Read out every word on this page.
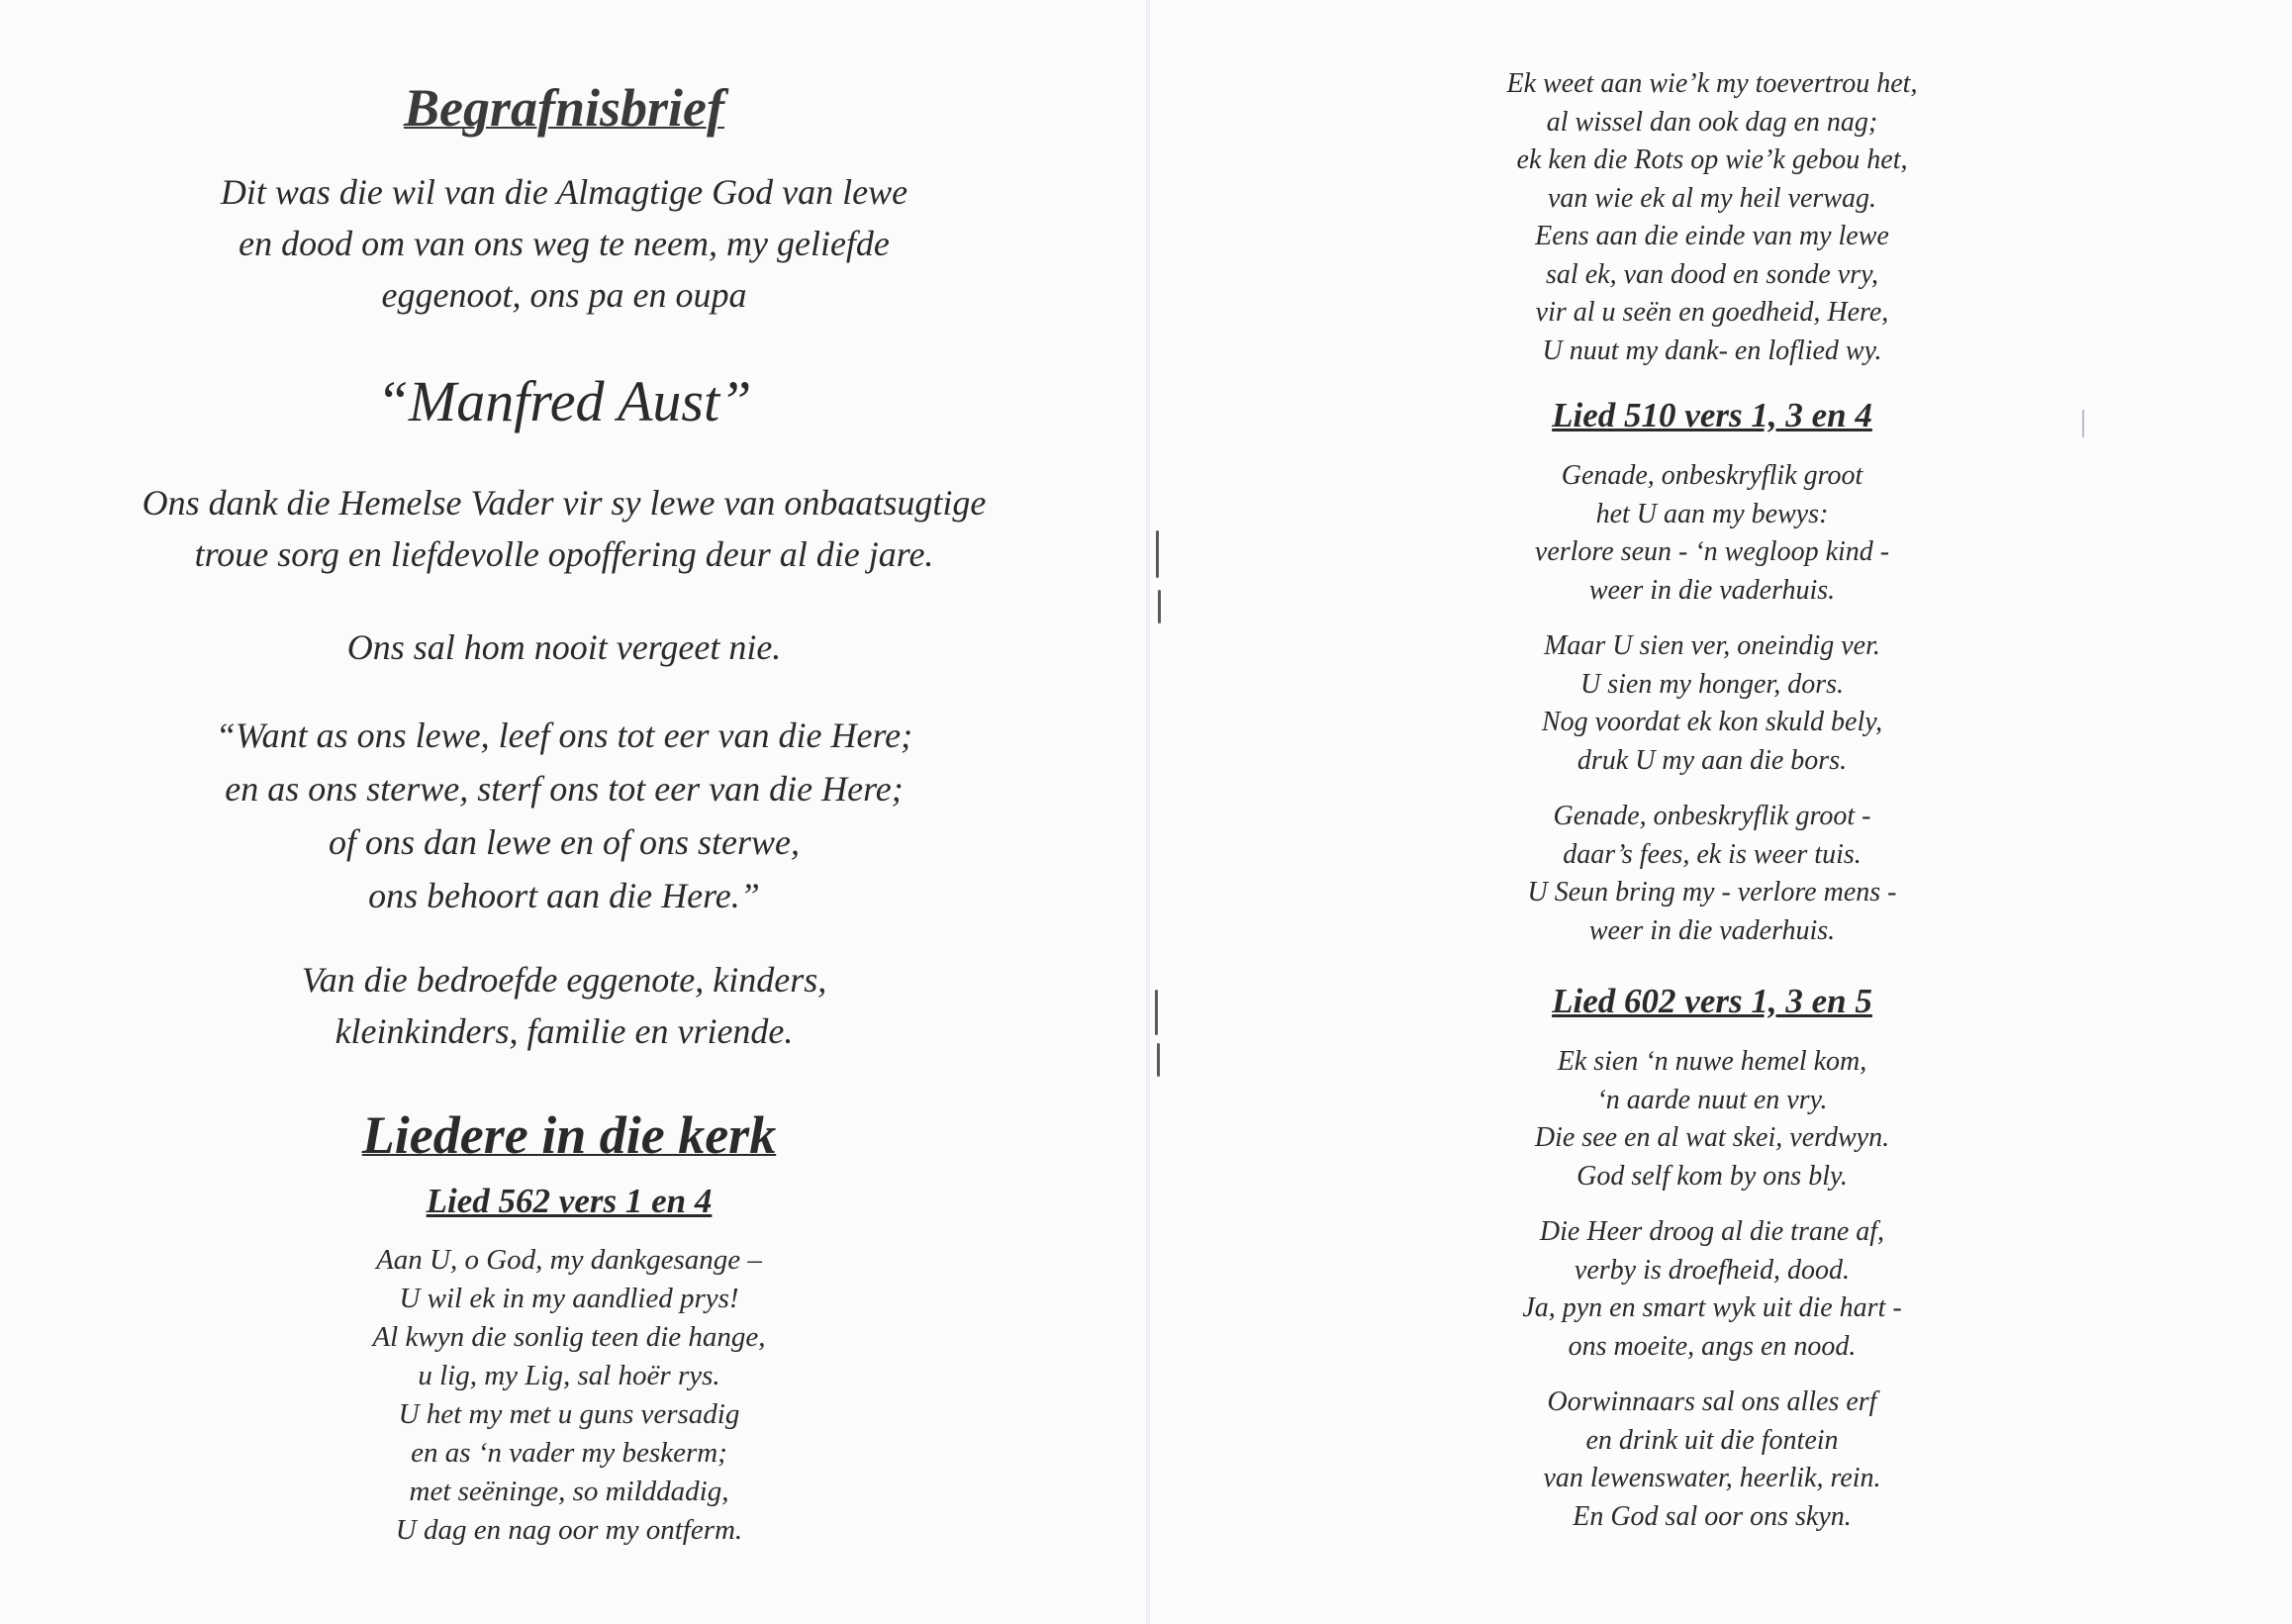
Begrafnisbrief
Dit was die wil van die Almagtige God van lewe
en dood om van ons weg te neem, my geliefde
eggenoot, ons pa en oupa
“Manfred Aust”
Ons dank die Hemelse Vader vir sy lewe van onbaatsugtige
troue sorg en liefdevolle opoffering deur al die jare.
Ons sal hom nooit vergeet nie.
“Want as ons lewe, leef ons tot eer van die Here;
en as ons sterwe, sterf ons tot eer van die Here;
of ons dan lewe en of ons sterwe,
ons behoort aan die Here.”
Van die bedroefde eggenote, kinders,
kleinkinders, familie en vriende.
Liedere in die kerk
Lied 562 vers 1 en 4
Aan U, o God, my dankgesange –
U wil ek in my aandlied prys!
Al kwyn die sonlig teen die hange,
u lig, my Lig, sal hoër rys.
U het my met u guns versadig
en as ‘n vader my beskerm;
met seëninge, so milddadig,
U dag en nag oor my ontferm.
Ek weet aan wie’k my toevertrou het,
al wissel dan ook dag en nag;
ek ken die Rots op wie’k gebou het,
van wie ek al my heil verwag.
Eens aan die einde van my lewe
sal ek, van dood en sonde vry,
vir al u seën en goedheid, Here,
U nuut my dank- en loflied wy.
Lied 510 vers 1, 3 en 4
Genade, onbeskryflik groot
het U aan my bewys:
verlore seun - ‘n wegloop kind -
weer in die vaderhuis.
Maar U sien ver, oneindig ver.
U sien my honger, dors.
Nog voordat ek kon skuld bely,
druk U my aan die bors.
Genade, onbeskryflik groot -
daar’s fees, ek is weer tuis.
U Seun bring my - verlore mens -
weer in die vaderhuis.
Lied 602 vers 1, 3 en 5
Ek sien ‘n nuwe hemel kom,
‘n aarde nuut en vry.
Die see en al wat skei, verdwyn.
God self kom by ons bly.
Die Heer droog al die trane af,
verby is droefheid, dood.
Ja, pyn en smart wyk uit die hart -
ons moeite, angs en nood.
Oorwinnaars sal ons alles erf
en drink uit die fontein
van lewenswater, heerlik, rein.
En God sal oor ons skyn.
